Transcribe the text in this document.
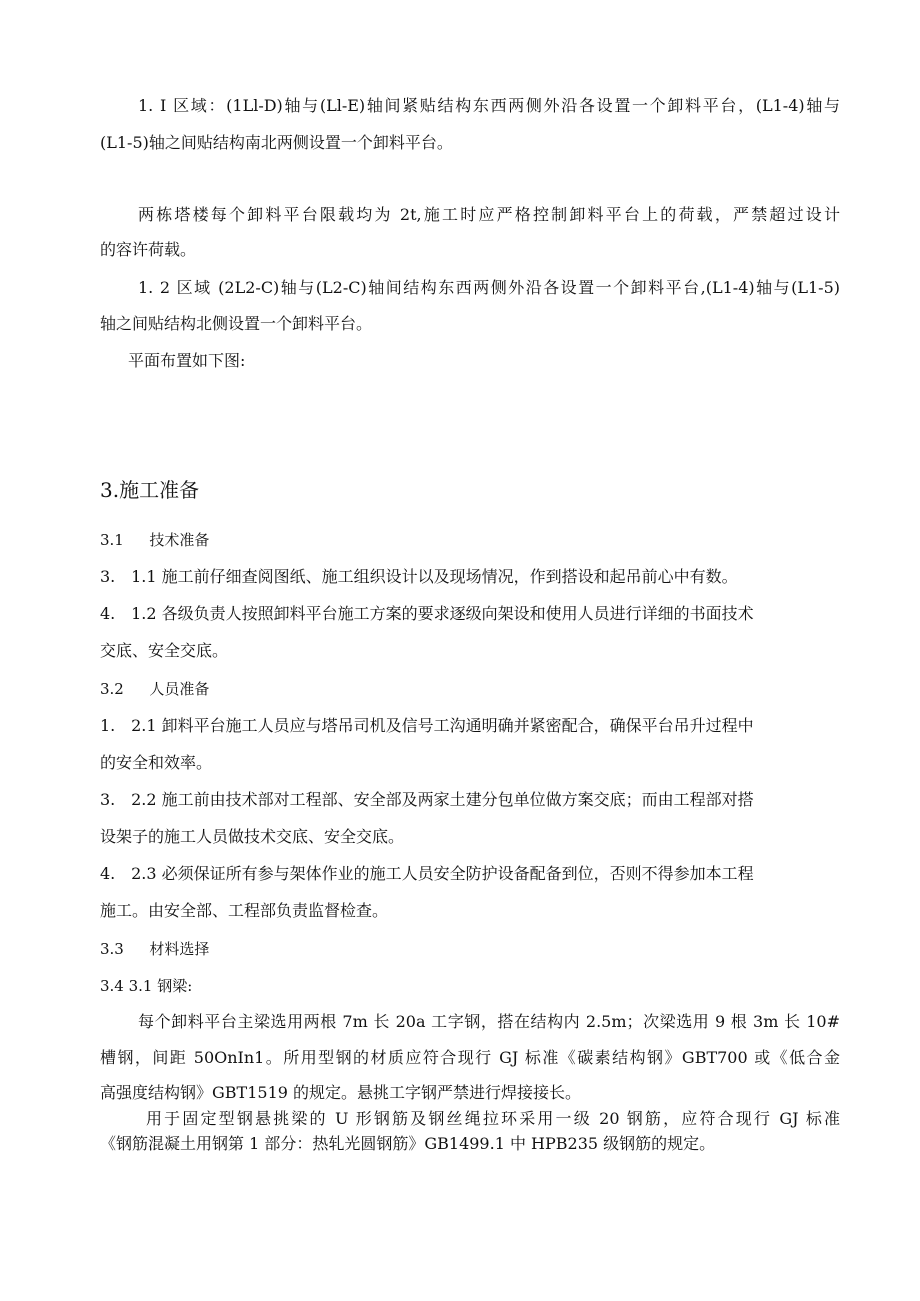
1. I 区域：(1Ll-D)轴与(Ll-E)轴间紧贴结构东西两侧外沿各设置一个卸料平台，(L1-4)轴与
(L1-5)轴之间贴结构南北两侧设置一个卸料平台。
两栋塔楼每个卸料平台限载均为 2t,施工时应严格控制卸料平台上的荷载，严禁超过设计
的容许荷载。
1. 2 区域 (2L2-C)轴与(L2-C)轴间结构东西两侧外沿各设置一个卸料平台,(L1-4)轴与(L1-5)
轴之间贴结构北侧设置一个卸料平台。
平面布置如下图:
3.施工准备
3.1 技术准备
3. 1.1 施工前仔细查阅图纸、施工组织设计以及现场情况，作到搭设和起吊前心中有数。
4. 1.2 各级负责人按照卸料平台施工方案的要求逐级向架设和使用人员进行详细的书面技术
交底、安全交底。
3.2 人员准备
1. 2.1 卸料平台施工人员应与塔吊司机及信号工沟通明确并紧密配合，确保平台吊升过程中
的安全和效率。
3. 2.2 施工前由技术部对工程部、安全部及两家土建分包单位做方案交底；而由工程部对搭
设架子的施工人员做技术交底、安全交底。
4. 2.3 必须保证所有参与架体作业的施工人员安全防护设备配备到位，否则不得参加本工程
施工。由安全部、工程部负责监督检查。
3.3 材料选择
3.4 3.1 钢梁:
每个卸料平台主梁选用两根 7m 长 20a 工字钢，搭在结构内 2.5m；次梁选用 9 根 3m 长 10#
槽钢，间距 50OnIn1。所用型钢的材质应符合现行 GJ 标准《碳素结构钢》GBT700 或《低合金
高强度结构钢》GBT1519 的规定。悬挑工字钢严禁进行焊接接长。
用于固定型钢悬挑梁的 U 形钢筋及钢丝绳拉环采用一级 20 钢筋，应符合现行 GJ 标准
《钢筋混凝土用钢第 1 部分：热轧光圆钢筋》GB1499.1 中 HPB235 级钢筋的规定。
